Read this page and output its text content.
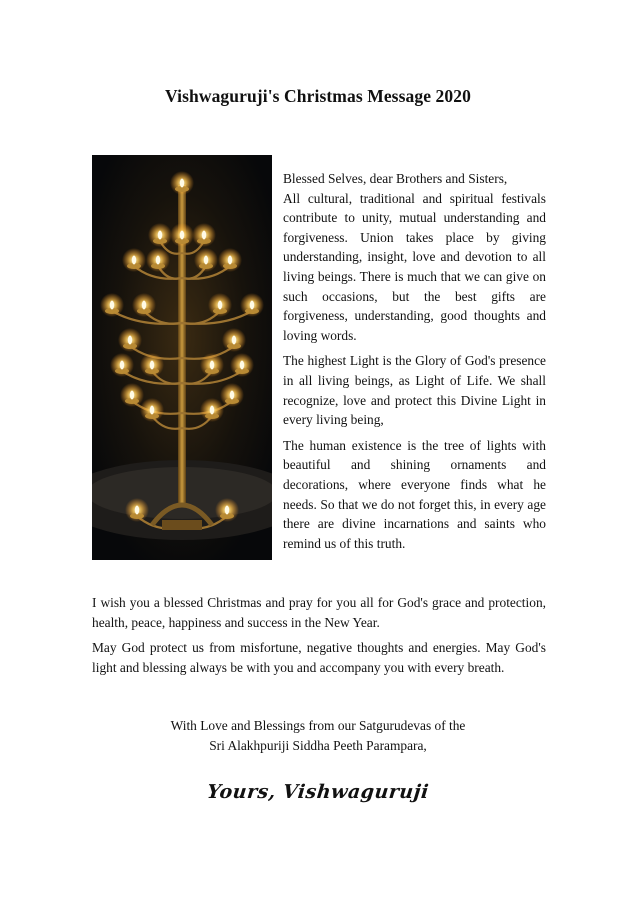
Vishwaguruji's Christmas Message 2020

Blessed Selves, dear Brothers and Sisters,

All cultural, traditional and spiritual festivals contribute to unity, mutual understanding and forgiveness. Union takes place by giving understanding, insight, love and devotion to all living beings. There is much that we can give on such occasions, but the best gifts are forgiveness, understanding, good thoughts and loving words.

The highest Light is the Glory of God's presence in all living beings, as Light of Life. We shall recognize, love and protect this Divine Light in every living being,

The human existence is the tree of lights with beautiful and shining ornaments and decorations, where everyone finds what he needs. So that we do not forget this, in every age there are divine incarnations and saints who remind us of this truth.

I wish you a blessed Christmas and pray for you all for God's grace and protection, health, peace, happiness and success in the New Year.

May God protect us from misfortune, negative thoughts and energies. May God's light and blessing always be with you and accompany you with every breath.

With Love and Blessings from our Satgurudevas of the
Sri Alakhpuriji Siddha Peeth Parampara,
Yours, Vishwaguruji
